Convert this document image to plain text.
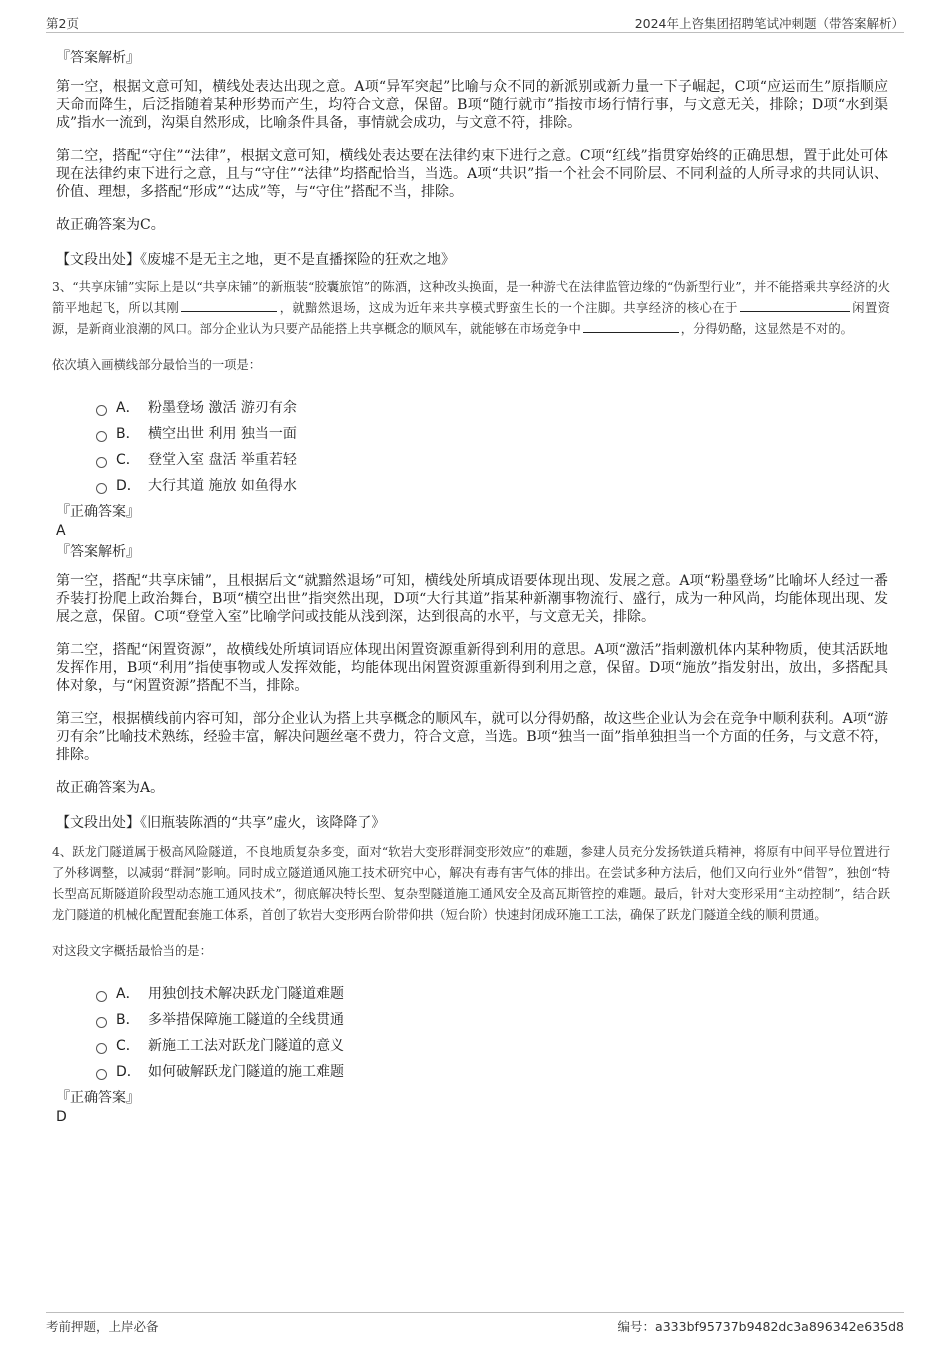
第2页	2024年上咨集团招聘笔试冲刺题（带答案解析）
『答案解析』
第一空，根据文意可知，横线处表达出现之意。A项“异军突起”比喻与众不同的新派别或新力量一下子崛起，C项“应运而生”原指顺应天命而降生，后泛指随着某种形势而产生，均符合文意，保留。B项“随行就市”指按市场行情行事，与文意无关，排除；D项“水到渠成”指水一流到，沟渠自然形成，比喻条件具备，事情就会成功，与文意不符，排除。
第二空，搭配“守住”“法律”，根据文意可知，横线处表达要在法律约束下进行之意。C项“红线”指贯穿始终的正确思想，置于此处可体现在法律约束下进行之意，且与“守住”“法律”均搭配恰当，当选。A项“共识”指一个社会不同阶层、不同利益的人所寻求的共同认识、价值、理想，多搭配“形成”“达成”等，与“守住”搭配不当，排除。
故正确答案为C。
【文段出处】《废墟不是无主之地，更不是直播探险的狂欢之地》
3、“共享床铺”实际上是以“共享床铺”的新瓶装“胶囊旅馆”的陈酒，这种改头换面，是一种游弋在法律监管边缘的“伪新型行业”，并不能搭乘共享经济的火箭平地起飞，所以其刚	，就黯然退场，这成为近年来共享模式野蛮生长的一个注脚。共享经济的核心在于	闲置资源，是新商业浪潮的风口。部分企业认为只要产品能搭上共享概念的顺风车，就能够在市场竞争中	，分得奶酪，这显然是不对的。
依次填入画横线部分最恰当的一项是：
A． 粉墨登场 激活 游刃有余
B． 横空出世 利用 独当一面
C． 登堂入室 盘活 举重若轻
D． 大行其道 施放 如鱼得水
『正确答案』
A
『答案解析』
第一空，搭配“共享床铺”，且根据后文“就黯然退场”可知，横线处所填成语要体现出现、发展之意。A项“粉墨登场”比喻坏人经过一番乔装打扮爬上政治舞台，B项“横空出世”指突然出现，D项“大行其道”指某种新潮事物流行、盛行，成为一种风尚，均能体现出现、发展之意，保留。C项“登堂入室”比喻学问或技能从浅到深，达到很高的水平，与文意无关，排除。
第二空，搭配“闲置资源”，故横线处所填词语应体现出闲置资源重新得到利用的意思。A项“激活”指刺激机体内某种物质，使其活跃地发挥作用，B项“利用”指使事物或人发挥效能，均能体现出闲置资源重新得到利用之意，保留。D项“施放”指发射出，放出，多搭配具体对象，与“闲置资源”搭配不当，排除。
第三空，根据横线前内容可知，部分企业认为搭上共享概念的顺风车，就可以分得奶酪，故这些企业认为会在竞争中顺利获利。A项“游刃有余”比喻技术熟练，经验丰富，解决问题丝毫不费力，符合文意，当选。B项“独当一面”指单独担当一个方面的任务，与文意不符，排除。
故正确答案为A。
【文段出处】《旧瓶装陈酒的“共享”虚火，该降降了》
4、跃龙门隧道属于极高风险隧道，不良地质复杂多变，面对“软岩大变形群洞变形效应”的难题，参建人员充分发扬铁道兵精神，将原有中间平导位置进行了外移调整，以减弱“群洞”影响。同时成立隧道通风施工技术研究中心，解决有毒有害气体的排出。在尝试多种方法后，他们又向行业外“借智”，独创“特长型高瓦斯隧道阶段型动态施工通风技术”，彻底解决特长型、复杂型隧道施工通风安全及高瓦斯管控的难题。最后，针对大变形采用“主动控制”，结合跃龙门隧道的机械化配置配套施工体系，首创了软岩大变形两台阶带仰拱（短台阶）快速封闭成环施工工法，确保了跃龙门隧道全线的顺利贯通。
对这段文字概括最恰当的是：
A． 用独创技术解决跃龙门隧道难题
B． 多举措保障施工隧道的全线贯通
C． 新施工工法对跃龙门隧道的意义
D． 如何破解跃龙门隧道的施工难题
『正确答案』
D
考前押题，上岸必备	编号：a333bf95737b9482dc3a896342e635d8
